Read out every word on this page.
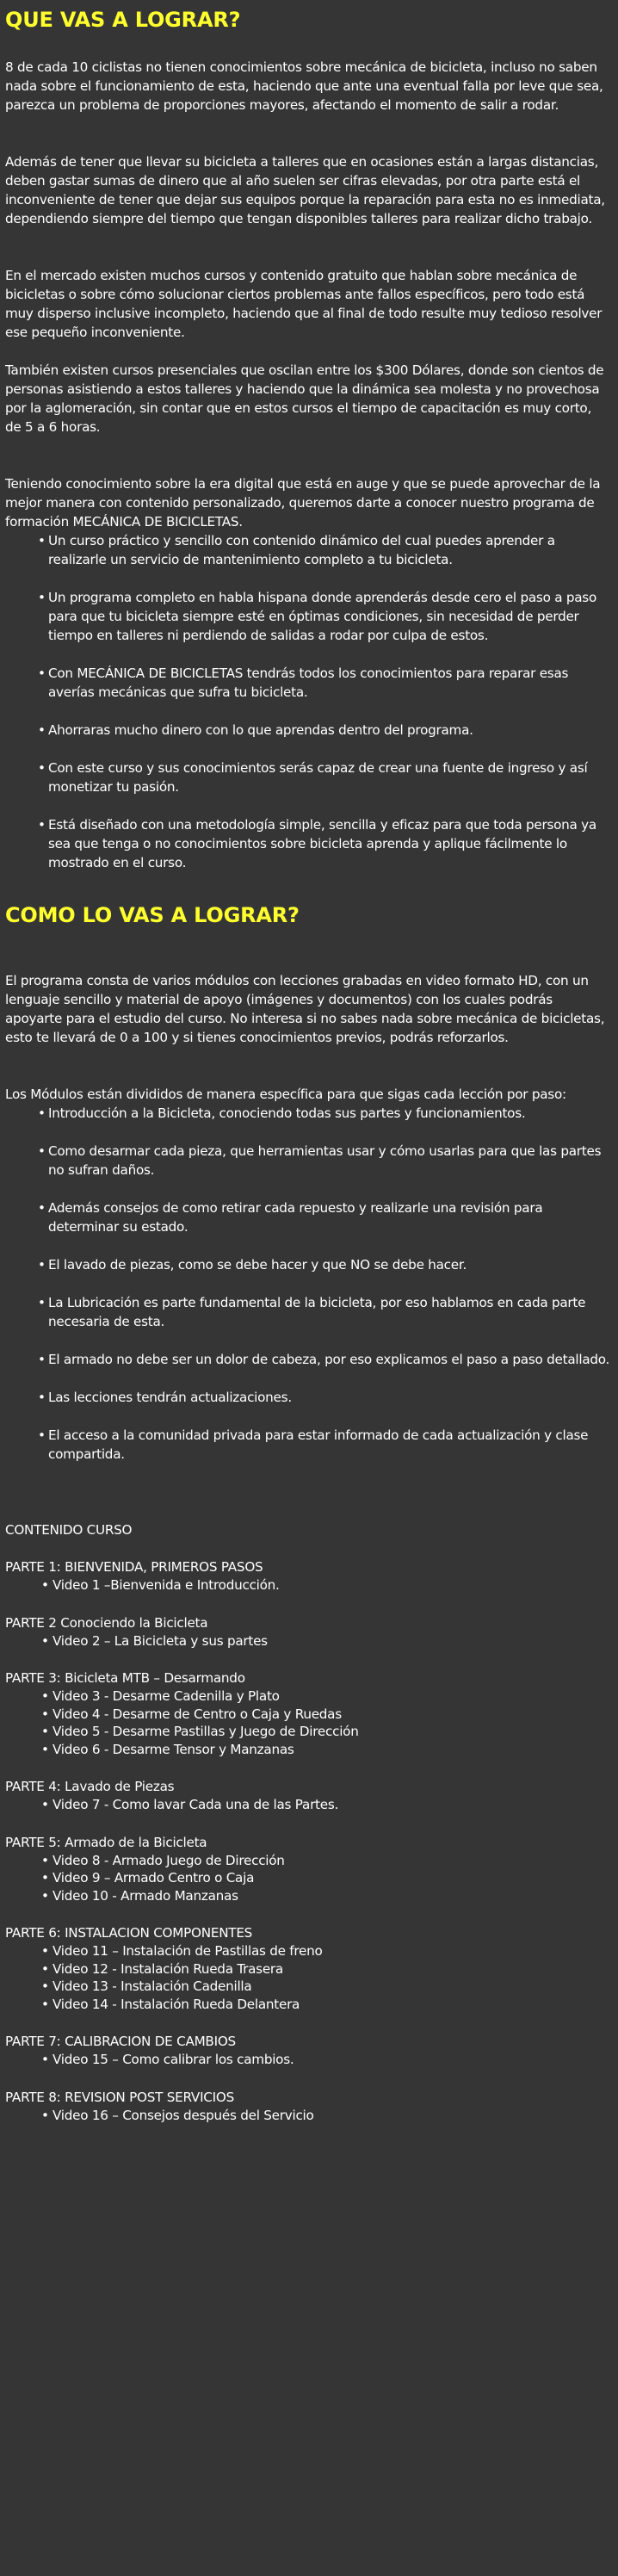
QUE VAS A LOGRAR?

8 de cada 10 ciclistas no tienen conocimientos sobre mecánica de bicicleta, incluso no saben nada sobre el funcionamiento de esta, haciendo que ante una eventual falla por leve que sea, parezca un problema de proporciones mayores, afectando el momento de salir a rodar.

Además de tener que llevar su bicicleta a talleres que en ocasiones están a largas distancias, deben gastar sumas de dinero que al año suelen ser cifras elevadas, por otra parte está el inconveniente de tener que dejar sus equipos porque la reparación para esta no es inmediata, dependiendo siempre del tiempo que tengan disponibles talleres para realizar dicho trabajo.

En el mercado existen muchos cursos y contenido gratuito que hablan sobre mecánica de bicicletas o sobre cómo solucionar ciertos problemas ante fallos específicos, pero todo está muy disperso inclusive incompleto, haciendo que al final de todo resulte muy tedioso resolver ese pequeño inconveniente.

También existen cursos presenciales que oscilan entre los $300 Dólares, donde son cientos de personas asistiendo a estos talleres y haciendo que la dinámica sea molesta y no provechosa por la aglomeración, sin contar que en estos cursos el tiempo de capacitación es muy corto, de 5 a 6 horas.

Teniendo conocimiento sobre la era digital que está en auge y que se puede aprovechar de la mejor manera con contenido personalizado, queremos darte a conocer nuestro programa de formación MECÁNICA DE BICICLETAS.

• Un curso práctico y sencillo con contenido dinámico del cual puedes aprender a realizarle un servicio de mantenimiento completo a tu bicicleta.
• Un programa completo en habla hispana donde aprenderás desde cero el paso a paso para que tu bicicleta siempre esté en óptimas condiciones, sin necesidad de perder tiempo en talleres ni perdiendo de salidas a rodar por culpa de estos.
• Con MECÁNICA DE BICICLETAS tendrás todos los conocimientos para reparar esas averías mecánicas que sufra tu bicicleta.
• Ahorraras mucho dinero con lo que aprendas dentro del programa.
• Con este curso y sus conocimientos serás capaz de crear una fuente de ingreso y así monetizar tu pasión.
• Está diseñado con una metodología simple, sencilla y eficaz para que toda persona ya sea que tenga o no conocimientos sobre bicicleta aprenda y aplique fácilmente lo mostrado en el curso.
COMO LO VAS A LOGRAR?

El programa consta de varios módulos con lecciones grabadas en video formato HD, con un lenguaje sencillo y material de apoyo (imágenes y documentos) con los cuales podrás apoyarte para el estudio del curso. No interesa si no sabes nada sobre mecánica de bicicletas, esto te llevará de 0 a 100 y si tienes conocimientos previos, podrás reforzarlos.

Los Módulos están divididos de manera específica para que sigas cada lección por paso:

• Introducción a la Bicicleta, conociendo todas sus partes y funcionamientos.
• Como desarmar cada pieza, que herramientas usar y cómo usarlas para que las partes no sufran daños.
• Además consejos de como retirar cada repuesto y realizarle una revisión para determinar su estado.
• El lavado de piezas, como se debe hacer y que NO se debe hacer.
• La Lubricación es parte fundamental de la bicicleta, por eso hablamos en cada parte necesaria de esta.
• El armado no debe ser un dolor de cabeza, por eso explicamos el paso a paso detallado.
• Las lecciones tendrán actualizaciones.
• El acceso a la comunidad privada para estar informado de cada actualización y clase compartida.

CONTENIDO CURSO

PARTE 1: BIENVENIDA, PRIMEROS PASOS

• Video 1 –Bienvenida e Introducción.

PARTE 2 Conociendo la Bicicleta

• Video 2 – La Bicicleta y sus partes

PARTE 3: Bicicleta MTB – Desarmando

• Video 3 - Desarme Cadenilla y Plato
• Video 4 - Desarme de Centro o Caja y Ruedas
• Video 5 - Desarme Pastillas y Juego de Dirección
• Video 6 - Desarme Tensor y Manzanas

PARTE 4: Lavado de Piezas

• Video 7 - Como lavar Cada una de las Partes.

PARTE 5: Armado de la Bicicleta

• Video 8 - Armado Juego de Dirección
• Video 9 – Armado Centro o Caja
• Video 10 - Armado Manzanas

PARTE 6: INSTALACION COMPONENTES

• Video 11 – Instalación de Pastillas de freno
• Video 12 - Instalación Rueda Trasera
• Video 13 - Instalación Cadenilla
• Video 14 - Instalación Rueda Delantera

PARTE 7: CALIBRACION DE CAMBIOS

• Video 15 – Como calibrar los cambios.

PARTE 8: REVISION POST SERVICIOS

• Video 16 – Consejos después del Servicio
